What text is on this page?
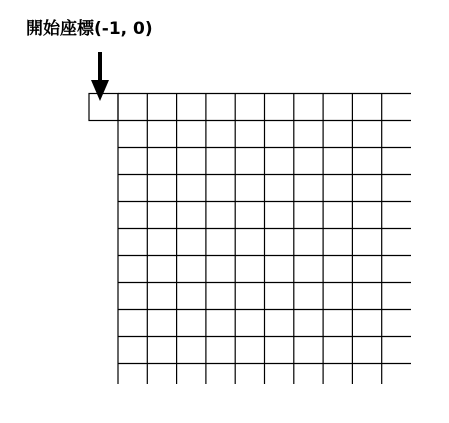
開始座標(-1, 0)
